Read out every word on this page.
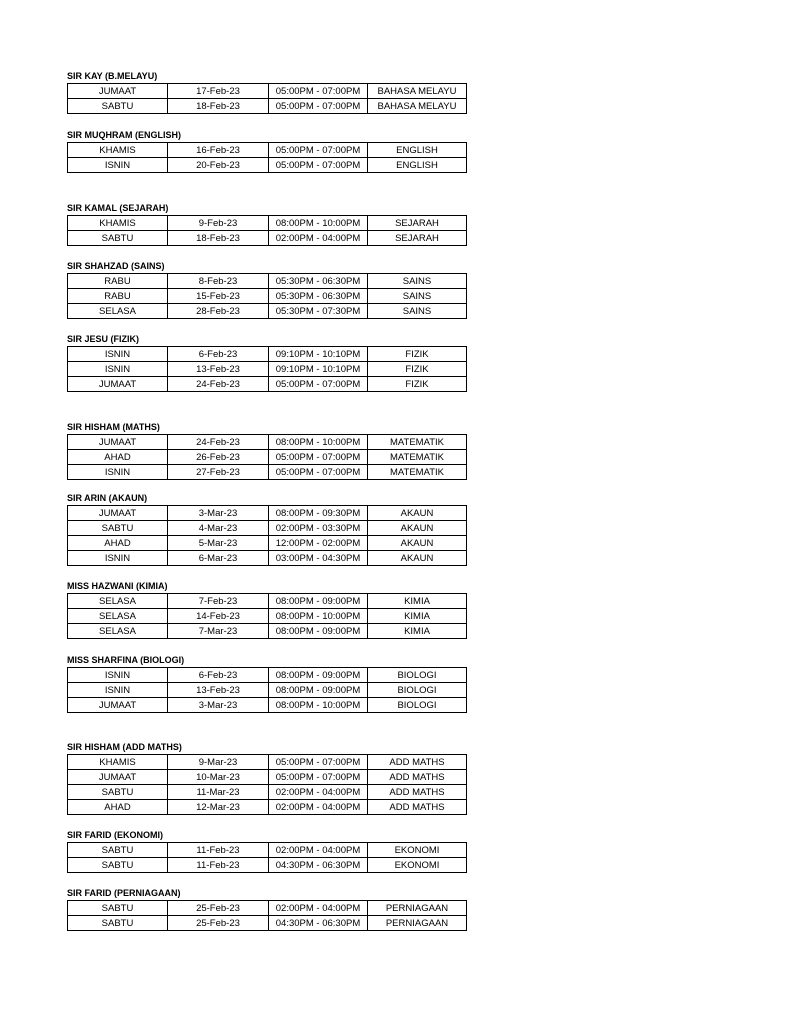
SIR KAY (B.MELAYU)
JUMAAT	17-Feb-23	05:00PM - 07:00PM	BAHASA MELAYU
SABTU	18-Feb-23	05:00PM - 07:00PM	BAHASA MELAYU
SIR MUQHRAM (ENGLISH)
KHAMIS	16-Feb-23	05:00PM - 07:00PM	ENGLISH
ISNIN	20-Feb-23	05:00PM - 07:00PM	ENGLISH
SIR KAMAL (SEJARAH)
KHAMIS	9-Feb-23	08:00PM - 10:00PM	SEJARAH
SABTU	18-Feb-23	02:00PM - 04:00PM	SEJARAH
SIR SHAHZAD (SAINS)
RABU	8-Feb-23	05:30PM - 06:30PM	SAINS
RABU	15-Feb-23	05:30PM - 06:30PM	SAINS
SELASA	28-Feb-23	05:30PM - 07:30PM	SAINS
SIR JESU (FIZIK)
ISNIN	6-Feb-23	09:10PM - 10:10PM	FIZIK
ISNIN	13-Feb-23	09:10PM - 10:10PM	FIZIK
JUMAAT	24-Feb-23	05:00PM - 07:00PM	FIZIK
SIR HISHAM (MATHS)
JUMAAT	24-Feb-23	08:00PM - 10:00PM	MATEMATIK
AHAD	26-Feb-23	05:00PM - 07:00PM	MATEMATIK
ISNIN	27-Feb-23	05:00PM - 07:00PM	MATEMATIK
SIR ARIN (AKAUN)
JUMAAT	3-Mar-23	08:00PM - 09:30PM	AKAUN
SABTU	4-Mar-23	02:00PM - 03:30PM	AKAUN
AHAD	5-Mar-23	12:00PM - 02:00PM	AKAUN
ISNIN	6-Mar-23	03:00PM - 04:30PM	AKAUN
MISS HAZWANI (KIMIA)
SELASA	7-Feb-23	08:00PM - 09:00PM	KIMIA
SELASA	14-Feb-23	08:00PM - 10:00PM	KIMIA
SELASA	7-Mar-23	08:00PM - 09:00PM	KIMIA
MISS SHARFINA (BIOLOGI)
ISNIN	6-Feb-23	08:00PM - 09:00PM	BIOLOGI
ISNIN	13-Feb-23	08:00PM - 09:00PM	BIOLOGI
JUMAAT	3-Mar-23	08:00PM - 10:00PM	BIOLOGI
SIR HISHAM (ADD MATHS)
KHAMIS	9-Mar-23	05:00PM - 07:00PM	ADD MATHS
JUMAAT	10-Mar-23	05:00PM - 07:00PM	ADD MATHS
SABTU	11-Mar-23	02:00PM - 04:00PM	ADD MATHS
AHAD	12-Mar-23	02:00PM - 04:00PM	ADD MATHS
SIR FARID (EKONOMI)
SABTU	11-Feb-23	02:00PM - 04:00PM	EKONOMI
SABTU	11-Feb-23	04:30PM - 06:30PM	EKONOMI
SIR FARID (PERNIAGAAN)
SABTU	25-Feb-23	02:00PM - 04:00PM	PERNIAGAAN
SABTU	25-Feb-23	04:30PM - 06:30PM	PERNIAGAAN
